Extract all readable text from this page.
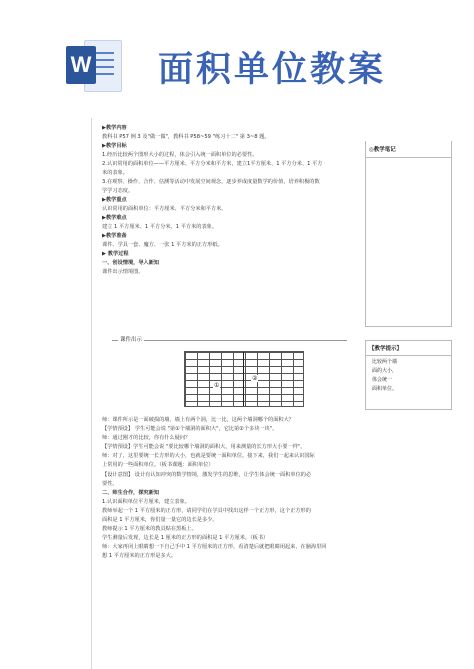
W 面积单位教案
◎教学笔记
【教学提示】
比较两个墙
面的大小，
体会统一
面积单位。

▶教学内容

教科书 P57 例 3 及"做一做"，教科书 P58~59 "练习十二" 第 3~8 题。

▶教学目标

1.经历比较两个图形大小的过程，体会引入统一面积单位的必要性。

2.认识常用的面积单位——平方厘米、平方分米和平方米，建立1平方厘米、1 平方分米、1 平方

米的表象。

3.在观察、操作、合作、估测等活动中发展空间观念，逐步养成度量数学的价值，培养积极的数

学学习态度。

▶教学重点

认识常用的面积单位：平方厘米、平方分米和平方米。

▶教学难点

建立 1 平方厘米、1 平方分米、1 平方米的表象。

▶教学准备

课件、学具一套、魔方、一张 1 平方米的正方形纸。

▶ 教学过程

一、创设情境，导入新知

课件出示情境图。

课件出示
①
②

师：课件所示是一面破损的墙，墙上有两个洞，比一比，这两个墙洞哪个的面积大？

【学情预设】 学生可能会说 "第①个墙洞的面积大"，它比第②个多块一块"。

师：通过刚才的比较，你有什么疑问？

【学情预设】学生可能会说 "要比较哪个墙洞的面积大，用来测量的长方形大小要一样"。

师：对了，这里要统一长方形的大小，也就是要统一面积单位。接下来，我们一起来认识国际

上常用的一些面积单位。（板书课题：面积单位）

【设计意图】 设计有认知冲突的数学情境，激发学生的思维，让学生体会统一面积单位的必

要性。

二、师生合作，探究新知

1.认识面积单位平方厘米，建立表象。

教师举起一个 1 平方厘米的正方形，请同学们在学具中找出这样一个正方形，这个正方形的

面积是 1 平方厘米，你们量一量它的边长是多少。

教师提示 1 平方厘米的教具贴在黑板上。

学生测量后发现，边长是 1 厘米的正方形的面积是 1 平方厘米。（板书）

师：大家再闭上眼睛想一下自己手中 1 平方厘米的正方形，看清楚后就把眼睛闭起来，在脑海里回

想 1 平方厘米的正方形是多大。
